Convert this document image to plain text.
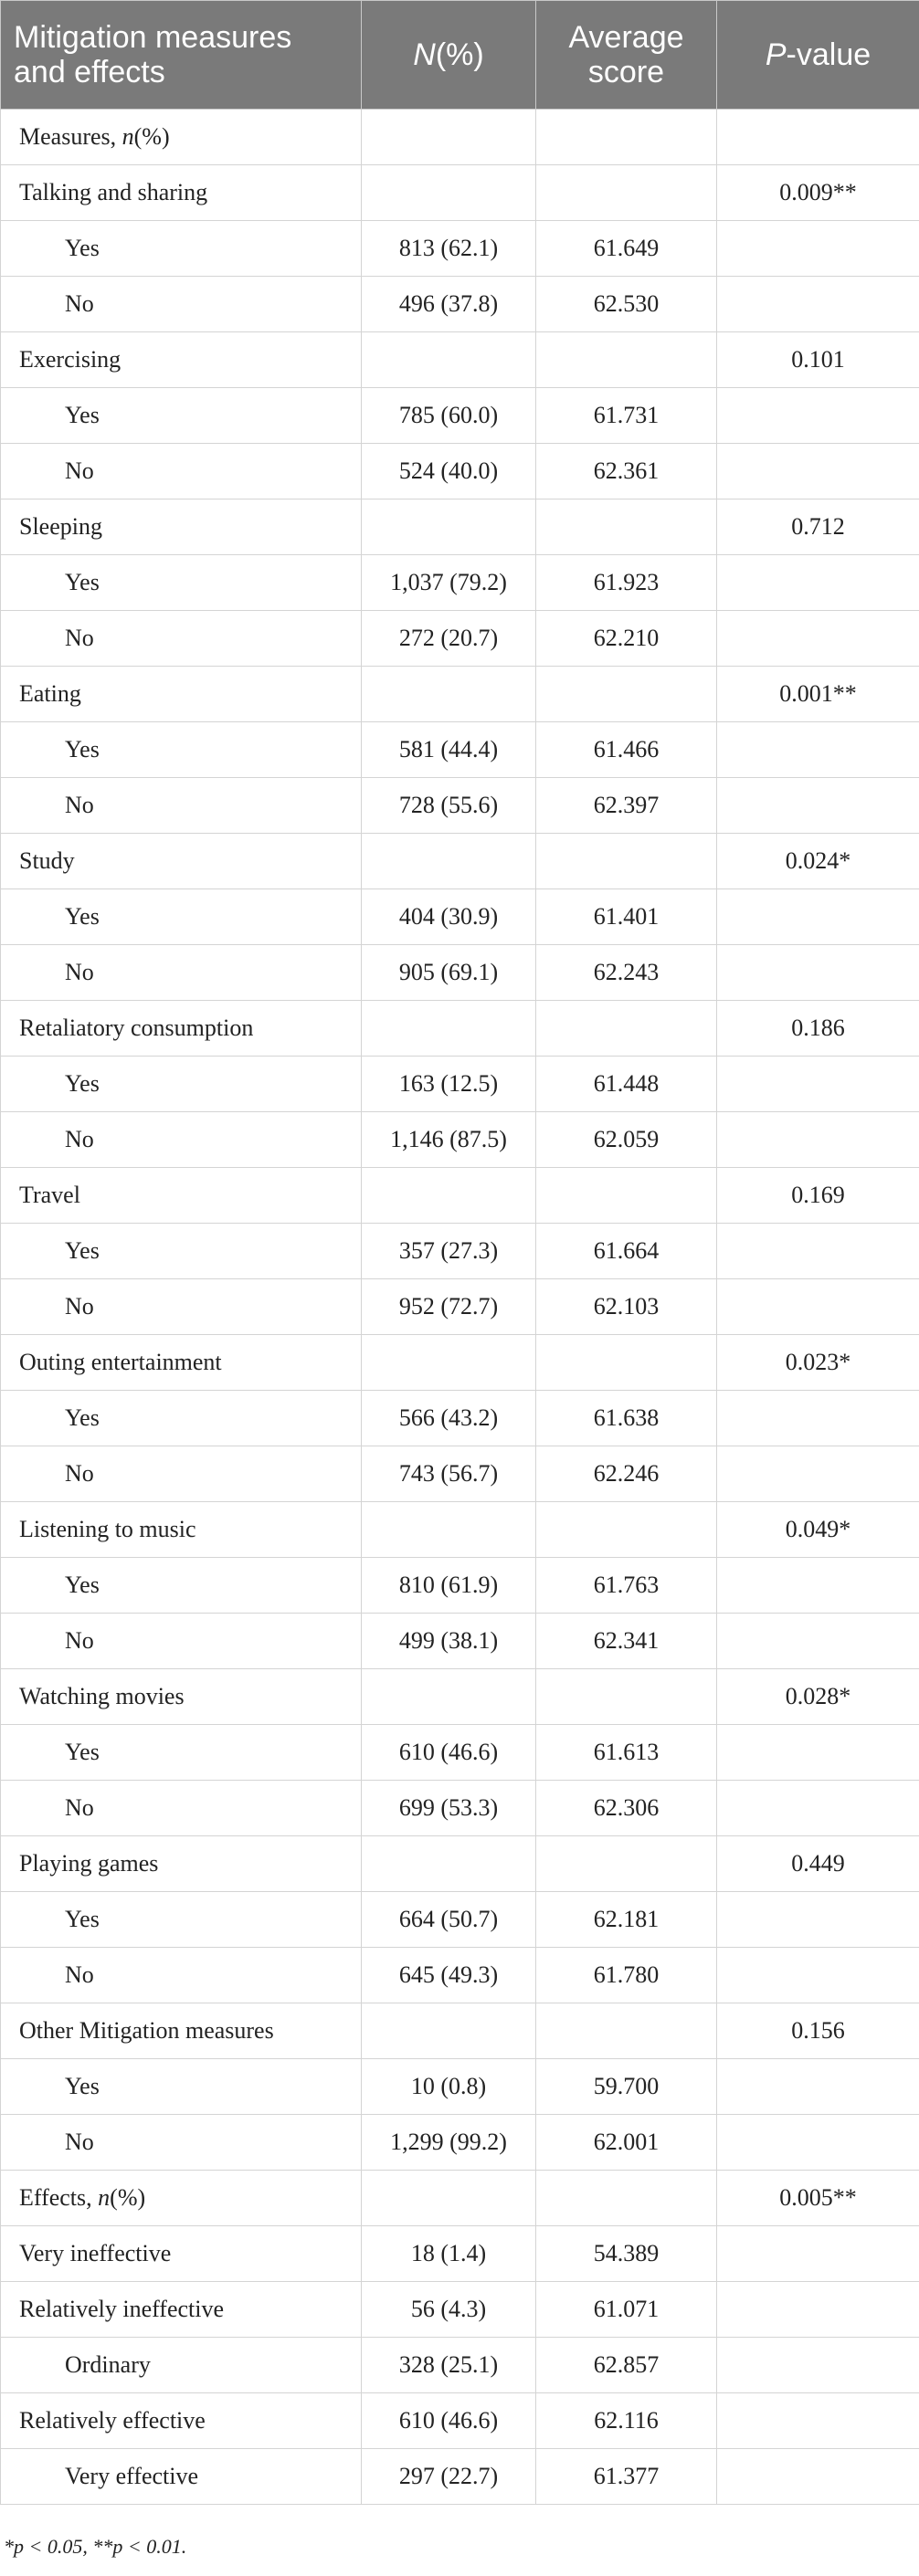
Mitigation measures and effects	N(%)	Average score	P-value
Measures, n(%)			
Talking and sharing			0.009**
Yes	813 (62.1)	61.649	
No	496 (37.8)	62.530	
Exercising			0.101
Yes	785 (60.0)	61.731	
No	524 (40.0)	62.361	
Sleeping			0.712
Yes	1,037 (79.2)	61.923	
No	272 (20.7)	62.210	
Eating			0.001**
Yes	581 (44.4)	61.466	
No	728 (55.6)	62.397	
Study			0.024*
Yes	404 (30.9)	61.401	
No	905 (69.1)	62.243	
Retaliatory consumption			0.186
Yes	163 (12.5)	61.448	
No	1,146 (87.5)	62.059	
Travel			0.169
Yes	357 (27.3)	61.664	
No	952 (72.7)	62.103	
Outing entertainment			0.023*
Yes	566 (43.2)	61.638	
No	743 (56.7)	62.246	
Listening to music			0.049*
Yes	810 (61.9)	61.763	
No	499 (38.1)	62.341	
Watching movies			0.028*
Yes	610 (46.6)	61.613	
No	699 (53.3)	62.306	
Playing games			0.449
Yes	664 (50.7)	62.181	
No	645 (49.3)	61.780	
Other Mitigation measures			0.156
Yes	10 (0.8)	59.700	
No	1,299 (99.2)	62.001	
Effects, n(%)			0.005**
Very ineffective	18 (1.4)	54.389	
Relatively ineffective	56 (4.3)	61.071	
Ordinary	328 (25.1)	62.857	
Relatively effective	610 (46.6)	62.116	
Very effective	297 (22.7)	61.377	
*p < 0.05, **p < 0.01.
